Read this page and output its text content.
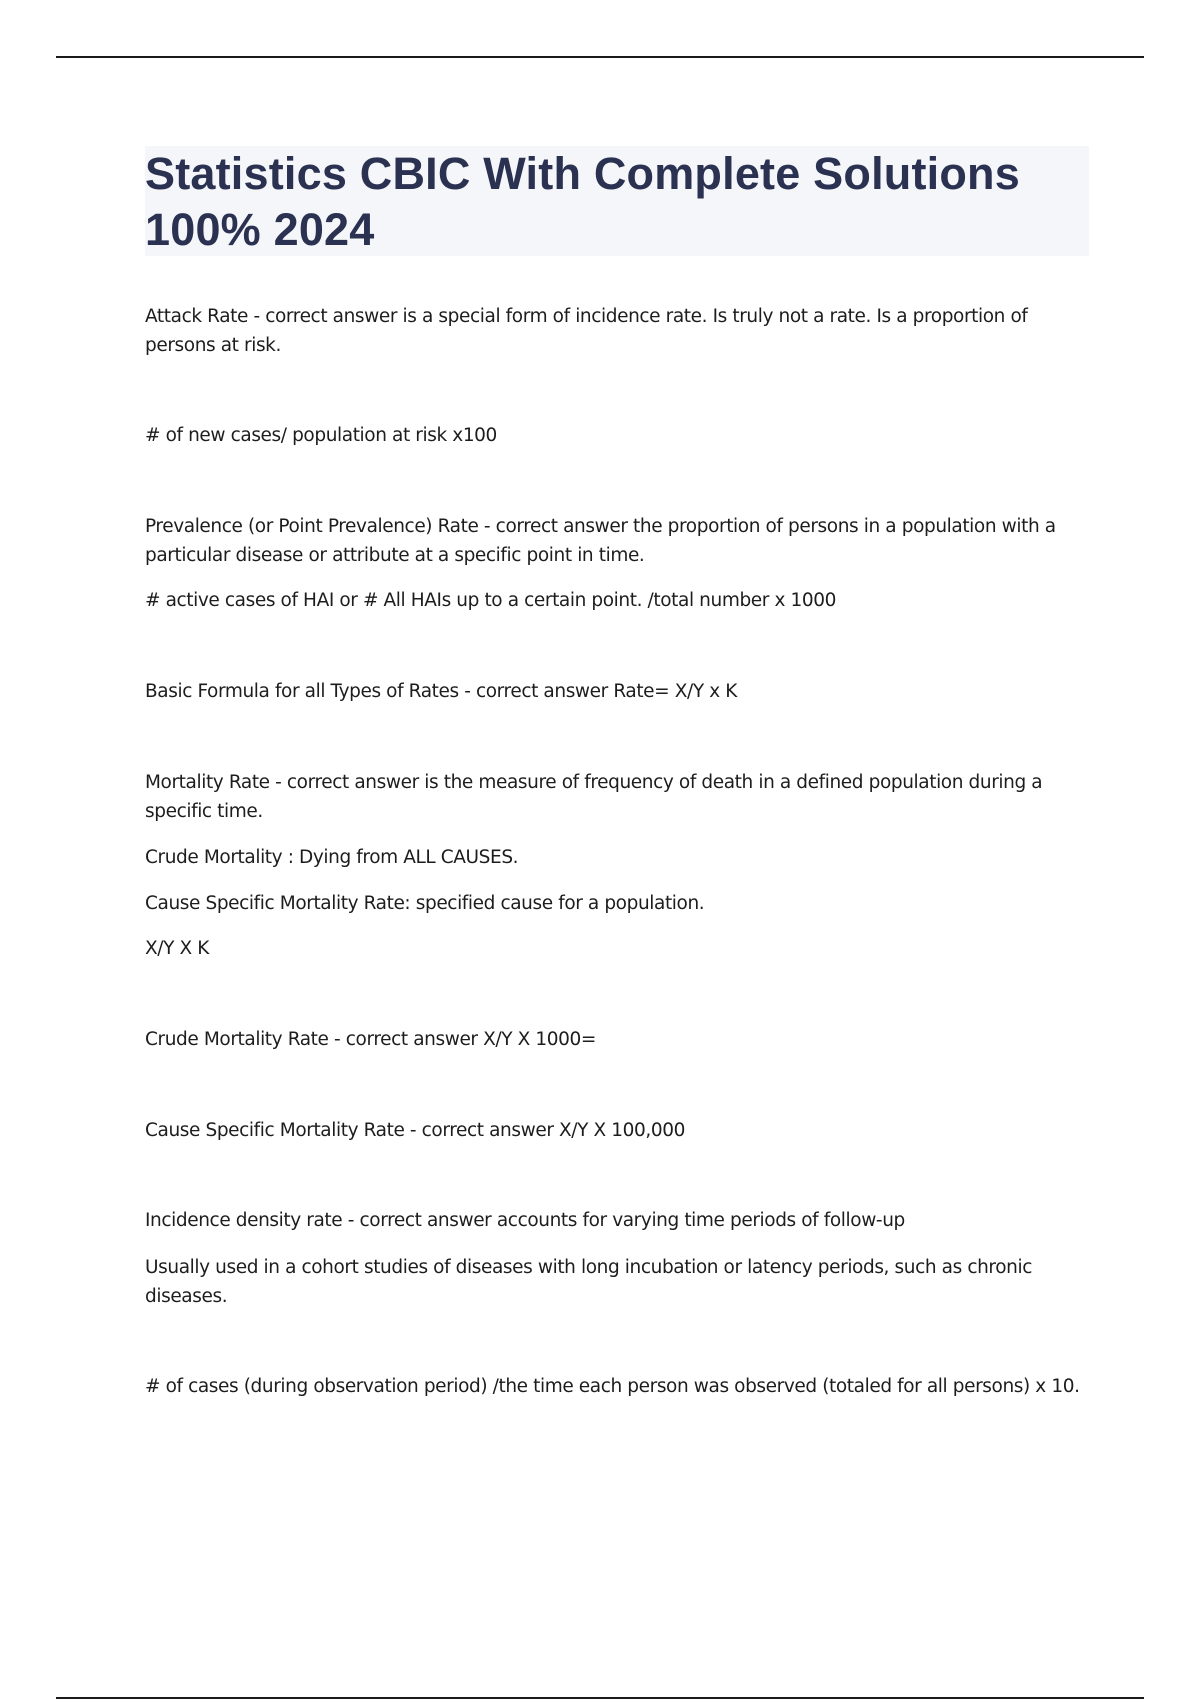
Statistics CBIC With Complete Solutions 100% 2024

Attack Rate - correct answer is a special form of incidence rate. Is truly not a rate. Is a proportion of persons at risk.

# of new cases/ population at risk x100

Prevalence (or Point Prevalence) Rate - correct answer the proportion of persons in a population with a particular disease or attribute at a specific point in time.

# active cases of HAI or # All HAIs up to a certain point. /total number x 1000

Basic Formula for all Types of Rates - correct answer Rate= X/Y x K

Mortality Rate - correct answer is the measure of frequency of death in a defined population during a specific time.

Crude Mortality : Dying from ALL CAUSES.

Cause Specific Mortality Rate: specified cause for a population.

X/Y X K

Crude Mortality Rate - correct answer X/Y X 1000=

Cause Specific Mortality Rate - correct answer X/Y X 100,000

Incidence density rate - correct answer accounts for varying time periods of follow-up

Usually used in a cohort studies of diseases with long incubation or latency periods, such as chronic diseases.

# of cases (during observation period) /the time each person was observed (totaled for all persons) x 10.
